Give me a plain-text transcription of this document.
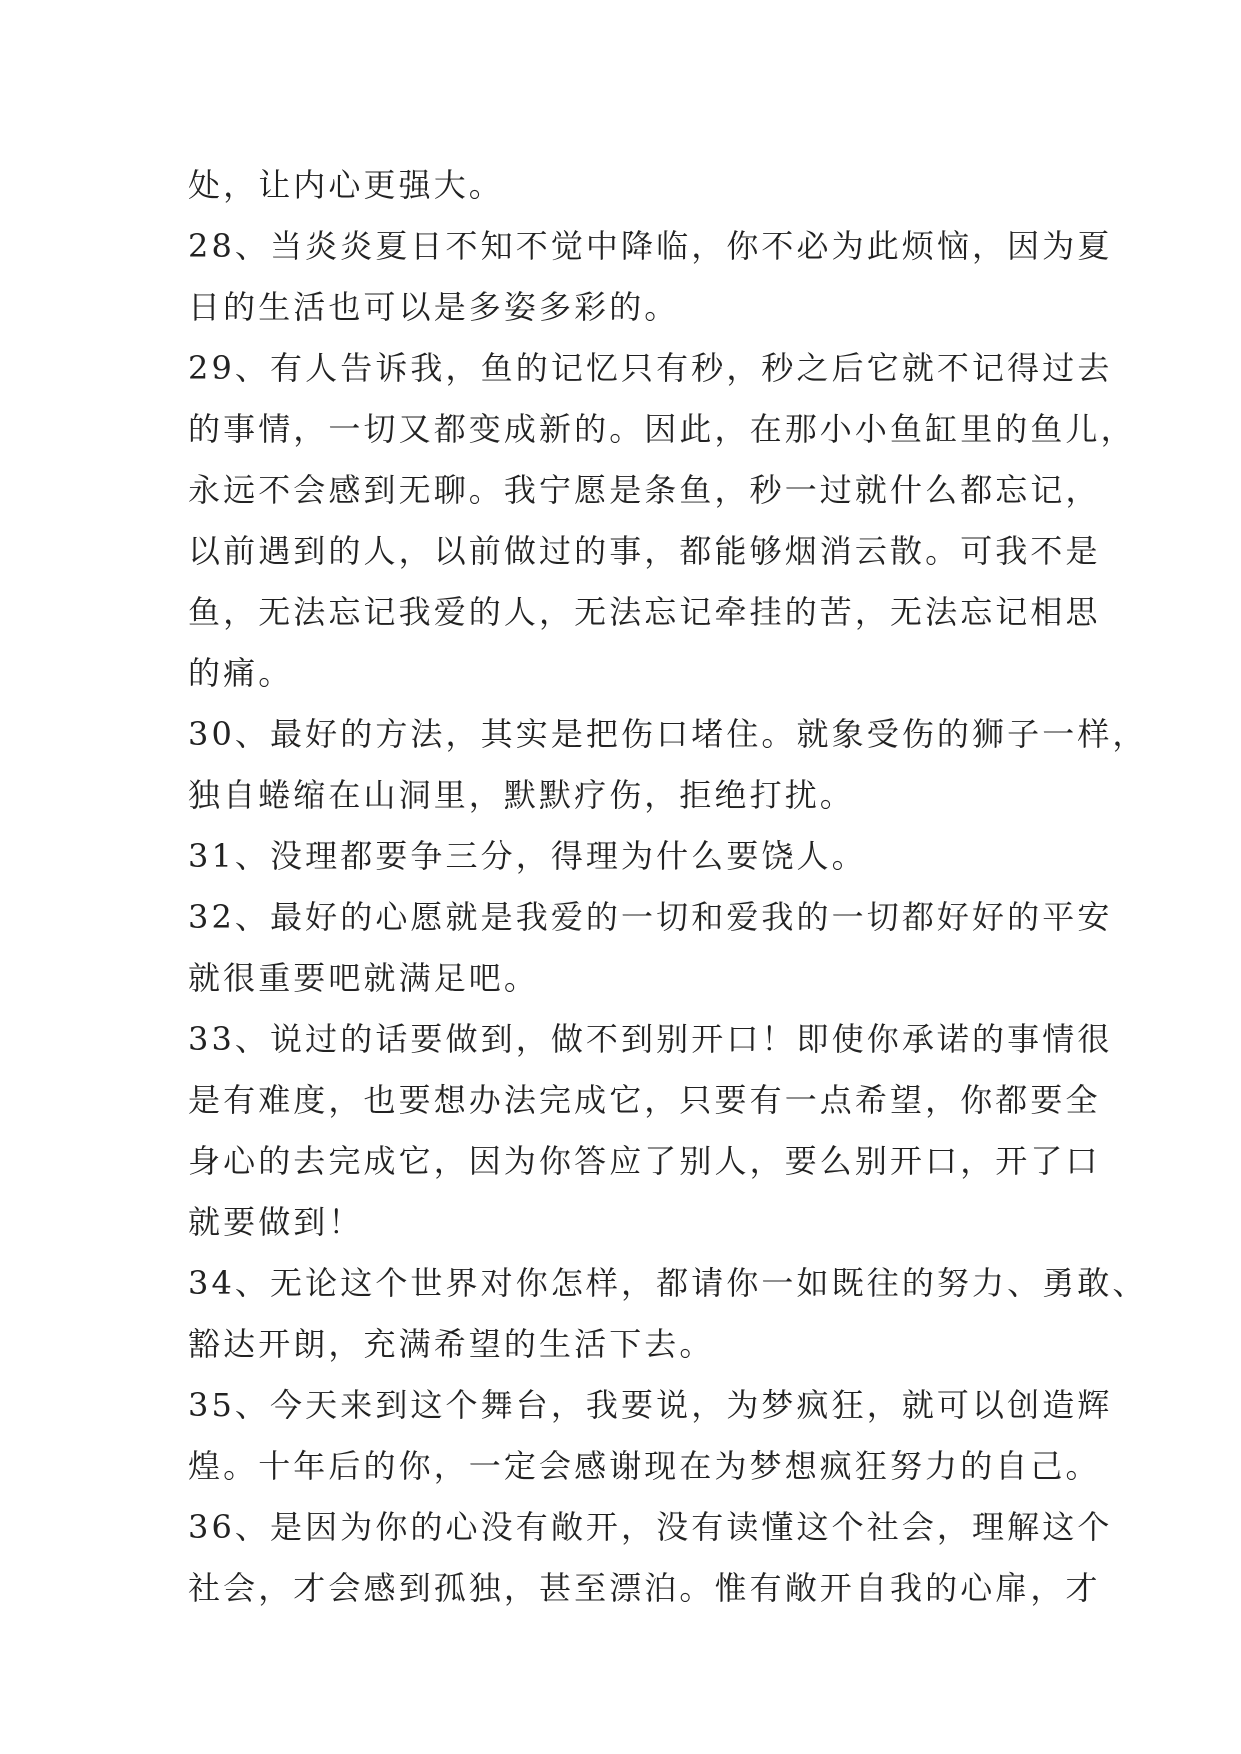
处，让内心更强大。
28、当炎炎夏日不知不觉中降临，你不必为此烦恼，因为夏
日的生活也可以是多姿多彩的。
29、有人告诉我，鱼的记忆只有秒，秒之后它就不记得过去
的事情，一切又都变成新的。因此，在那小小鱼缸里的鱼儿，
永远不会感到无聊。我宁愿是条鱼，秒一过就什么都忘记，
以前遇到的人，以前做过的事，都能够烟消云散。可我不是
鱼，无法忘记我爱的人，无法忘记牵挂的苦，无法忘记相思
的痛。
30、最好的方法，其实是把伤口堵住。就象受伤的狮子一样，
独自蜷缩在山洞里，默默疗伤，拒绝打扰。
31、没理都要争三分，得理为什么要饶人。
32、最好的心愿就是我爱的一切和爱我的一切都好好的平安
就很重要吧就满足吧。
33、说过的话要做到，做不到别开口！即使你承诺的事情很
是有难度，也要想办法完成它，只要有一点希望，你都要全
身心的去完成它，因为你答应了别人，要么别开口，开了口
就要做到！
34、无论这个世界对你怎样，都请你一如既往的努力、勇敢、
豁达开朗，充满希望的生活下去。
35、今天来到这个舞台，我要说，为梦疯狂，就可以创造辉
煌。十年后的你，一定会感谢现在为梦想疯狂努力的自己。
36、是因为你的心没有敞开，没有读懂这个社会，理解这个
社会，才会感到孤独，甚至漂泊。惟有敞开自我的心扉，才
